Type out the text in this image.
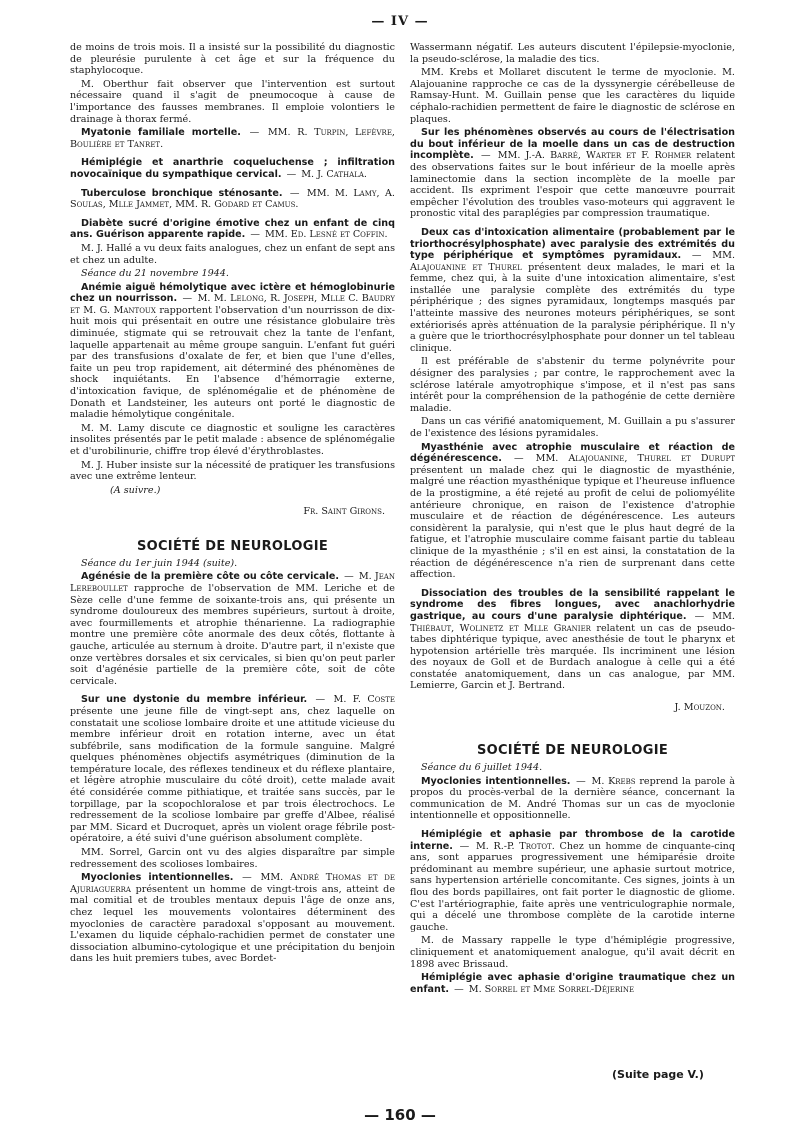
— IV —

de moins de trois mois. Il a insisté sur la possibilité du diagnostic de pleurésie purulente à cet âge et sur la fréquence du staphylocoque.

M. Oberthur fait observer que l'intervention est surtout nécessaire quand il s'agit de pneumocoque à cause de l'importance des fausses membranes. Il emploie volontiers le drainage à thorax fermé.

Myatonie familiale mortelle. — MM. R. Turpin, Lefèvre, Boulière et Tanret.

Hémiplégie et anarthrie coqueluchense ; infiltration novocaïnique du sympathique cervical. — M. J. Cathala.

Tuberculose bronchique sténosante. — MM. M. Lamy, A. Soulas, Mlle Jammet, MM. R. Godard et Camus.

Diabète sucré d'origine émotive chez un enfant de cinq ans. Guérison apparente rapide. — MM. Ed. Lesné et Coffin.

M. J. Hallé a vu deux faits analogues, chez un enfant de sept ans et chez un adulte.

Séance du 21 novembre 1944.

Anémie aiguë hémolytique avec ictère et hémoglobinurie chez un nourrisson. — M. M. Lelong, R. Joseph, Mlle C. Baudry et M. G. Mantoux rapportent l'observation d'un nourrisson de dix-huit mois qui présentait en outre une résistance globulaire très diminuée, stigmate qui se retrouvait chez la tante de l'enfant, laquelle appartenait au même groupe sanguin. L'enfant fut guéri par des transfusions d'oxalate de fer, et bien que l'une d'elles, faite un peu trop rapidement, ait déterminé des phénomènes de shock inquiétants. En l'absence d'hémorragie externe, d'intoxication favique, de splénomégalie et de phénomène de Donath et Landsteiner, les auteurs ont porté le diagnostic de maladie hémolytique congénitale.

M. M. Lamy discute ce diagnostic et souligne les caractères insolites présentés par le petit malade : absence de splénomégalie et d'urobilinurie, chiffre trop élevé d'érythroblastes.

M. J. Huber insiste sur la nécessité de pratiquer les transfusions avec une extrême lenteur.

(A suivre.)
Fr. Saint Girons.
SOCIÉTÉ DE NEUROLOGIE

Séance du 1er juin 1944 (suite).

Agénésie de la première côte ou côte cervicale. — M. Jean Lereboullet rapproche de l'observation de MM. Leriche et de Sèze celle d'une femme de soixante-trois ans, qui présente un syndrome douloureux des membres supérieurs, surtout à droite, avec fourmillements et atrophie thénarienne. La radiographie montre une première côte anormale des deux côtés, flottante à gauche, articulée au sternum à droite. D'autre part, il n'existe que onze vertèbres dorsales et six cervicales, si bien qu'on peut parler soit d'agénésie partielle de la première côte, soit de côte cervicale.

Sur une dystonie du membre inférieur. — M. F. Coste présente une jeune fille de vingt-sept ans, chez laquelle on constatait une scoliose lombaire droite et une attitude vicieuse du membre inférieur droit en rotation interne, avec un état subfébrile, sans modification de la formule sanguine. Malgré quelques phénomènes objectifs asymétriques (diminution de la température locale, des réflexes tendineux et du réflexe plantaire, et légère atrophie musculaire du côté droit), cette malade avait été considérée comme pithiatique, et traitée sans succès, par le torpillage, par la scopochloralose et par trois électrochocs. Le redressement de la scoliose lombaire par greffe d'Albee, réalisé par MM. Sicard et Ducroquet, après un violent orage fébrile post-opératoire, a été suivi d'une guérison absolument complète.

MM. Sorrel, Garcin ont vu des algies disparaître par simple redressement des scolioses lombaires.

Myoclonies intentionnelles. — MM. André Thomas et de Ajuriaguerra présentent un homme de vingt-trois ans, atteint de mal comitial et de troubles mentaux depuis l'âge de onze ans, chez lequel les mouvements volontaires déterminent des myoclonies de caractère paradoxal s'opposant au mouvement. L'examen du liquide céphalo-rachidien permet de constater une dissociation albumino-cytologique et une précipitation du benjoin dans les huit premiers tubes, avec Bordet-

Wassermann négatif. Les auteurs discutent l'épilepsie-myoclonie, la pseudo-sclérose, la maladie des tics.

MM. Krebs et Mollaret discutent le terme de myoclonie. M. Alajouanine rapproche ce cas de la dyssynergie cérébelleuse de Ramsay-Hunt. M. Guillain pense que les caractères du liquide céphalo-rachidien permettent de faire le diagnostic de sclérose en plaques.

Sur les phénomènes observés au cours de l'électrisation du bout inférieur de la moelle dans un cas de destruction incomplète. — MM. J.-A. Barré, Warter et F. Rohmer relatent des observations faites sur le bout inférieur de la moelle après laminectomie dans la section incomplète de la moelle par accident. Ils expriment l'espoir que cette manœuvre pourrait empêcher l'évolution des troubles vaso-moteurs qui aggravent le pronostic vital des paraplégies par compression traumatique.

Deux cas d'intoxication alimentaire (probablement par le triorthocrésylphosphate) avec paralysie des extrémités du type périphérique et symptômes pyramidaux. — MM. Alajouanine et Thurel présentent deux malades, le mari et la femme, chez qui, à la suite d'une intoxication alimentaire, s'est installée une paralysie complète des extrémités du type périphérique ; des signes pyramidaux, longtemps masqués par l'atteinte massive des neurones moteurs périphériques, se sont extériorisés après atténuation de la paralysie périphérique. Il n'y a guère que le triorthocrésylphosphate pour donner un tel tableau clinique.

Il est préférable de s'abstenir du terme polynévrite pour désigner des paralysies ; par contre, le rapprochement avec la sclérose latérale amyotrophique s'impose, et il n'est pas sans intérêt pour la compréhension de la pathogénie de cette dernière maladie.

Dans un cas vérifié anatomiquement, M. Guillain a pu s'assurer de l'existence des lésions pyramidales.

Myasthénie avec atrophie musculaire et réaction de dégénérescence. — MM. Alajouanine, Thurel et Durupt présentent un malade chez qui le diagnostic de myasthénie, malgré une réaction myasthénique typique et l'heureuse influence de la prostigmine, a été rejeté au profit de celui de poliomyélite antérieure chronique, en raison de l'existence d'atrophie musculaire et de réaction de dégénérescence. Les auteurs considèrent la paralysie, qui n'est que le plus haut degré de la fatigue, et l'atrophie musculaire comme faisant partie du tableau clinique de la myasthénie ; s'il en est ainsi, la constatation de la réaction de dégénérescence n'a rien de surprenant dans cette affection.

Dissociation des troubles de la sensibilité rappelant le syndrome des fibres longues, avec anachlorhydrie gastrique, au cours d'une paralysie diphtérique. — MM. Thiébaut, Wolinetz et Mlle Granier relatent un cas de pseudo-tabes diphtérique typique, avec anesthésie de tout le pharynx et hypotension artérielle très marquée. Ils incriminent une lésion des noyaux de Goll et de Burdach analogue à celle qui a été constatée anatomiquement, dans un cas analogue, par MM. Lemierre, Garcin et J. Bertrand.

J. Mouzon.
SOCIÉTÉ DE NEUROLOGIE

Séance du 6 juillet 1944.

Myoclonies intentionnelles. — M. Krebs reprend la parole à propos du procès-verbal de la dernière séance, concernant la communication de M. André Thomas sur un cas de myoclonie intentionnelle et oppositionnelle.

Hémiplégie et aphasie par thrombose de la carotide interne. — M. R.-P. Trotot. Chez un homme de cinquante-cinq ans, sont apparues progressivement une hémiparésie droite prédominant au membre supérieur, une aphasie surtout motrice, sans hypertension artérielle concomitante. Ces signes, joints à un flou des bords papillaires, ont fait porter le diagnostic de gliome. C'est l'artériographie, faite après une ventriculographie normale, qui a décelé une thrombose complète de la carotide interne gauche.

M. de Massary rappelle le type d'hémiplégie progressive, cliniquement et anatomiquement analogue, qu'il avait décrit en 1898 avec Brissaud.

Hémiplégie avec aphasie d'origine traumatique chez un enfant. — M. Sorrel et Mme Sorrel-Déjerine

(Suite page V.)
— 160 —
